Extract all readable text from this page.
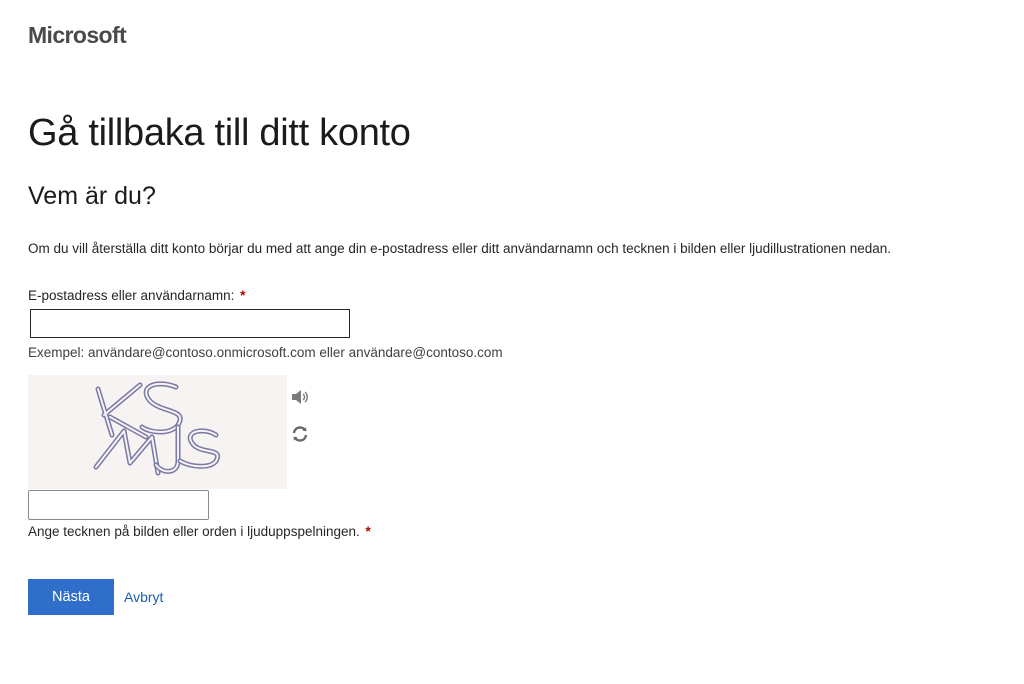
Microsoft
Gå tillbaka till ditt konto
Vem är du?

Om du vill återställa ditt konto börjar du med att ange din e-postadress eller ditt användarnamn och tecknen i bilden eller ljudillustrationen nedan.

E-postadress eller användarnamn: *
Exempel: användare@contoso.onmicrosoft.com eller användare@contoso.com
Ange tecknen på bilden eller orden i ljuduppspelningen. *
Nästa	Avbryt
